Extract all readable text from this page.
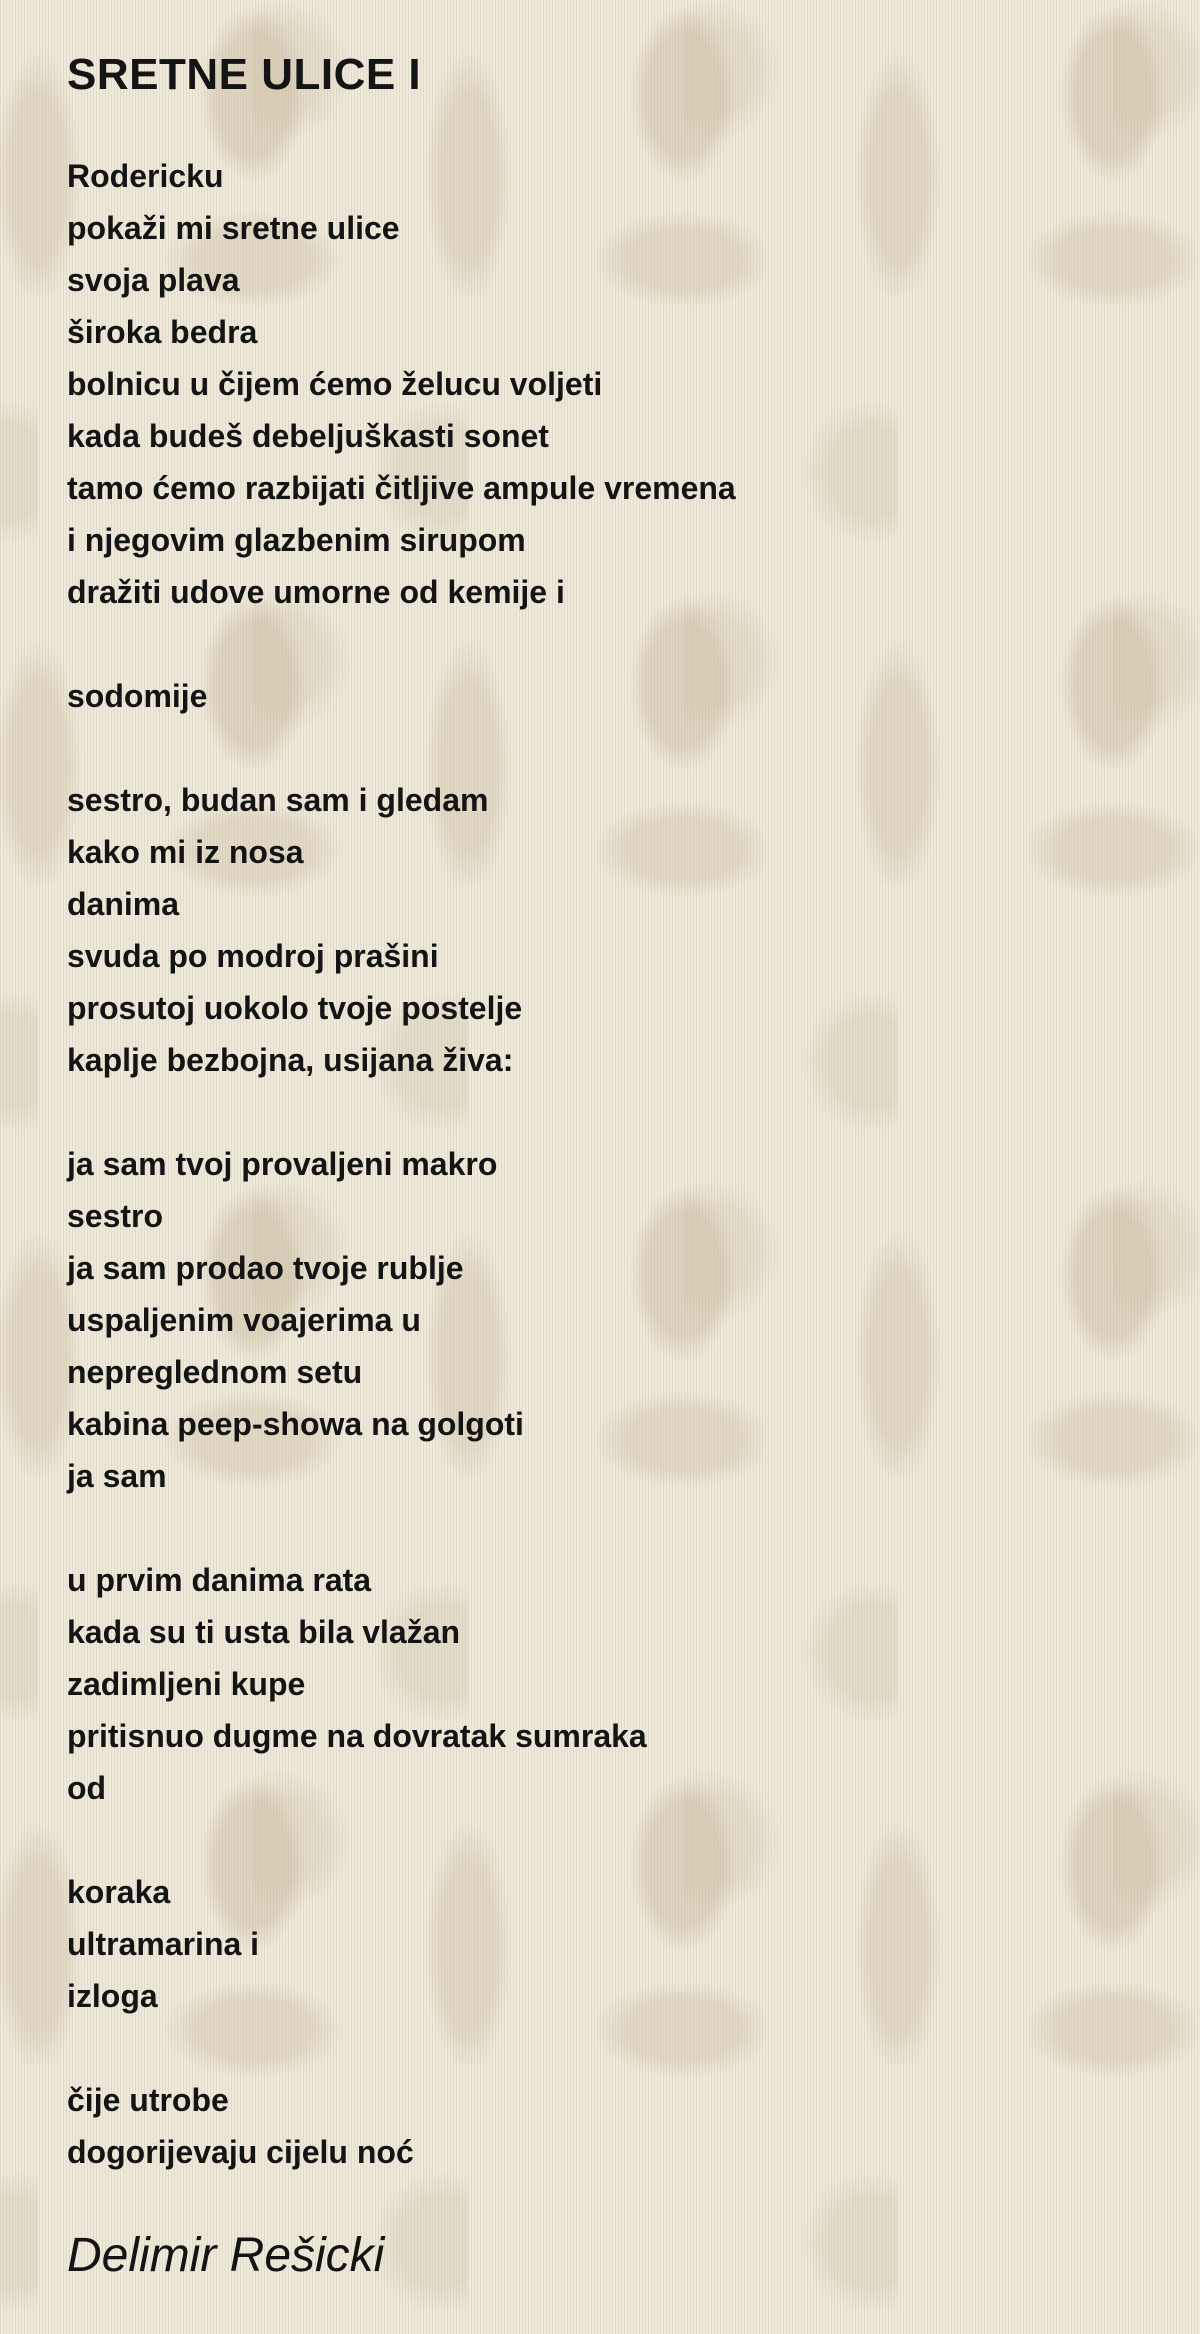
SRETNE ULICE I
Rodericku
pokaži mi sretne ulice
svoja plava
široka bedra
bolnicu u čijem ćemo želucu voljeti
kada budeš debeljuškasti sonet
tamo ćemo razbijati čitljive ampule vremena
i njegovim glazbenim sirupom
dražiti udove umorne od kemije i
sodomije
sestro, budan sam i gledam
kako mi iz nosa
danima
svuda po modroj prašini
prosutoj uokolo tvoje postelje
kaplje bezbojna, usijana živa:
ja sam tvoj provaljeni makro
sestro
ja sam prodao tvoje rublje
uspaljenim voajerima u
nepreglednom setu
kabina peep-showa na golgoti
ja sam
u prvim danima rata
kada su ti usta bila vlažan
zadimljeni kupe
pritisnuo dugme na dovratak sumraka
od
koraka
ultramarina i
izloga
čije utrobe
dogorijevaju cijelu noć
Delimir Rešicki
